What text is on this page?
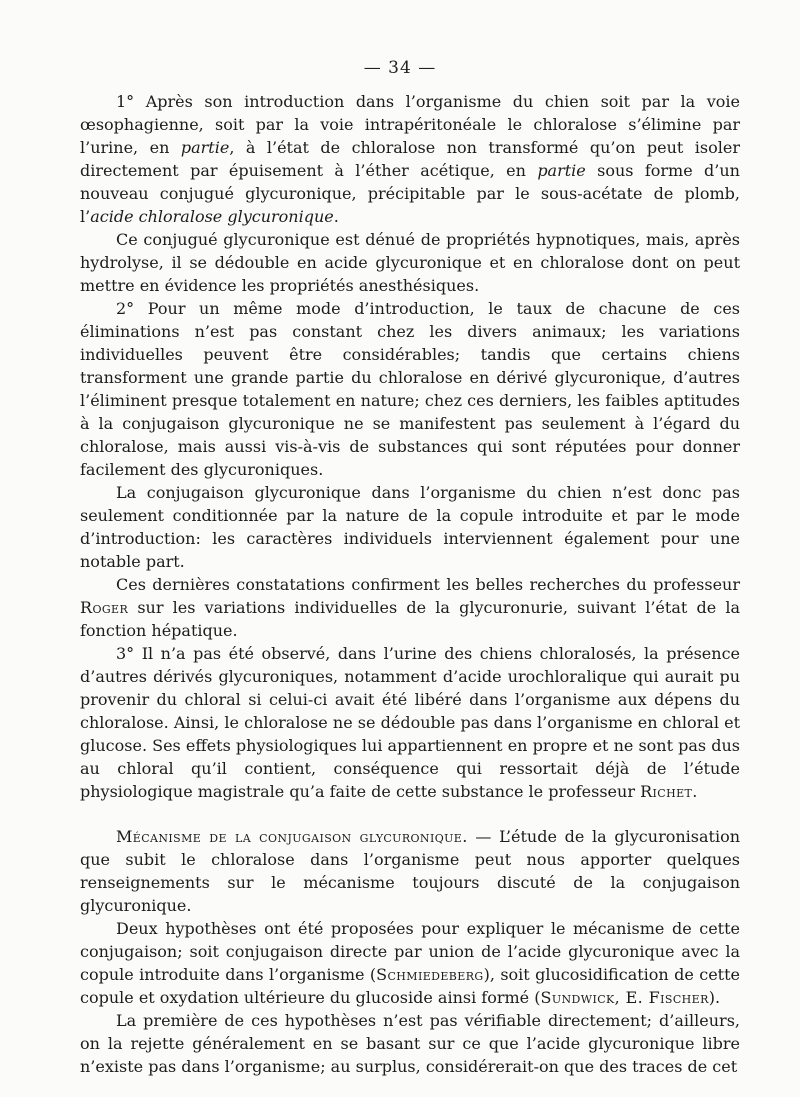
— 34 —

1° Après son introduction dans l’organisme du chien soit par la voie œsophagienne, soit par la voie intrapéritonéale le chloralose s’élimine par l’urine, en partie, à l’état de chloralose non transformé qu’on peut isoler directement par épuisement à l’éther acétique, en partie sous forme d’un nouveau conjugué glycuronique, précipitable par le sous-acétate de plomb, l’acide chloralose glycuronique.

Ce conjugué glycuronique est dénué de propriétés hypnotiques, mais, après hydrolyse, il se dédouble en acide glycuronique et en chloralose dont on peut mettre en évidence les propriétés anesthésiques.

2° Pour un même mode d’introduction, le taux de chacune de ces éliminations n’est pas constant chez les divers animaux; les variations individuelles peuvent être considérables; tandis que certains chiens transforment une grande partie du chloralose en dérivé glycuronique, d’autres l’éliminent presque totalement en nature; chez ces derniers, les faibles aptitudes à la conjugaison glycuronique ne se manifestent pas seulement à l’égard du chloralose, mais aussi vis-à-vis de substances qui sont réputées pour donner facilement des glycuroniques.

La conjugaison glycuronique dans l’organisme du chien n’est donc pas seulement conditionnée par la nature de la copule introduite et par le mode d’introduction: les caractères individuels interviennent également pour une notable part.

Ces dernières constatations confirment les belles recherches du professeur Roger sur les variations individuelles de la glycuronurie, suivant l’état de la fonction hépatique.

3° Il n’a pas été observé, dans l’urine des chiens chloralosés, la présence d’autres dérivés glycuroniques, notamment d’acide urochloralique qui aurait pu provenir du chloral si celui-ci avait été libéré dans l’organisme aux dépens du chloralose. Ainsi, le chloralose ne se dédouble pas dans l’organisme en chloral et glucose. Ses effets physiologiques lui appartiennent en propre et ne sont pas dus au chloral qu’il contient, conséquence qui ressortait déjà de l’étude physiologique magistrale qu’a faite de cette substance le professeur Richet.

Mécanisme de la conjugaison glycuronique. — L’étude de la glycuronisation que subit le chloralose dans l’organisme peut nous apporter quelques renseignements sur le mécanisme toujours discuté de la conjugaison glycuronique.

Deux hypothèses ont été proposées pour expliquer le mécanisme de cette conjugaison; soit conjugaison directe par union de l’acide glycuronique avec la copule introduite dans l’organisme (Schmiedeberg), soit glucosidification de cette copule et oxydation ultérieure du glucoside ainsi formé (Sundwick, E. Fischer).

La première de ces hypothèses n’est pas vérifiable directement; d’ailleurs, on la rejette généralement en se basant sur ce que l’acide glycuronique libre n’existe pas dans l’organisme; au surplus, considérerait-on que des traces de cet
